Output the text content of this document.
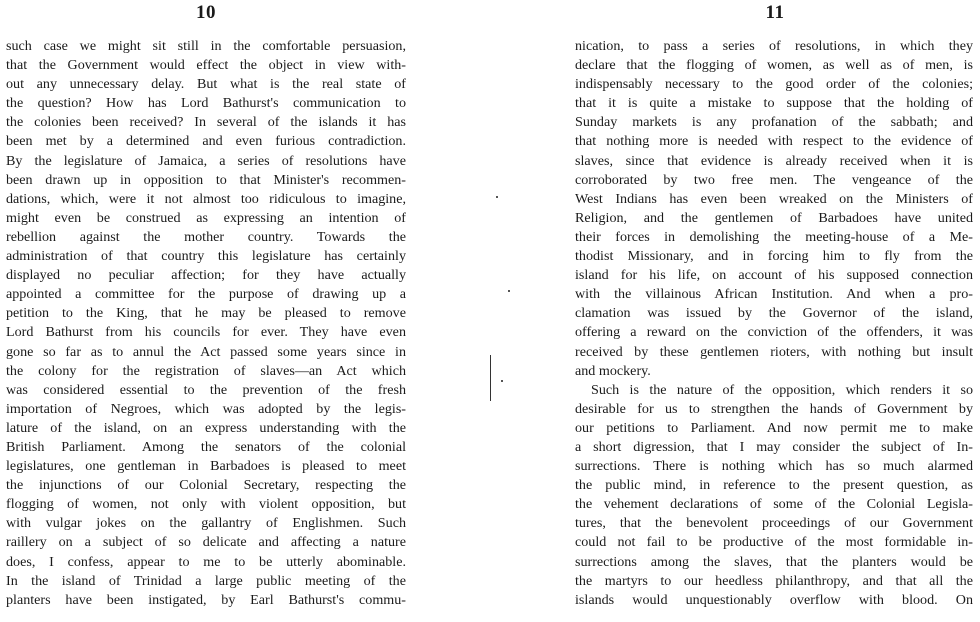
10	11
such case we might sit still in the comfortable persuasion,
that the Government would effect the object in view with-
out any unnecessary delay. But what is the real state of
the question? How has Lord Bathurst's communication to
the colonies been received? In several of the islands it has
been met by a determined and even furious contradiction.
By the legislature of Jamaica, a series of resolutions have
been drawn up in opposition to that Minister's recommen-
dations, which, were it not almost too ridiculous to imagine,
might even be construed as expressing an intention of
rebellion against the mother country. Towards the
administration of that country this legislature has certainly
displayed no peculiar affection; for they have actually
appointed a committee for the purpose of drawing up a
petition to the King, that he may be pleased to remove
Lord Bathurst from his councils for ever. They have even
gone so far as to annul the Act passed some years since in
the colony for the registration of slaves—an Act which
was considered essential to the prevention of the fresh
importation of Negroes, which was adopted by the legis-
lature of the island, on an express understanding with the
British Parliament. Among the senators of the colonial
legislatures, one gentleman in Barbadoes is pleased to meet
the injunctions of our Colonial Secretary, respecting the
flogging of women, not only with violent opposition, but
with vulgar jokes on the gallantry of Englishmen. Such
raillery on a subject of so delicate and affecting a nature
does, I confess, appear to me to be utterly abominable.
In the island of Trinidad a large public meeting of the
planters have been instigated, by Earl Bathurst's commu-
nication, to pass a series of resolutions, in which they
declare that the flogging of women, as well as of men, is
indispensably necessary to the good order of the colonies;
that it is quite a mistake to suppose that the holding of
Sunday markets is any profanation of the sabbath; and
that nothing more is needed with respect to the evidence of
slaves, since that evidence is already received when it is
corroborated by two free men. The vengeance of the
West Indians has even been wreaked on the Ministers of
Religion, and the gentlemen of Barbadoes have united
their forces in demolishing the meeting-house of a Me-
thodist Missionary, and in forcing him to fly from the
island for his life, on account of his supposed connection
with the villainous African Institution. And when a pro-
clamation was issued by the Governor of the island,
offering a reward on the conviction of the offenders, it was
received by these gentlemen rioters, with nothing but insult
and mockery.
Such is the nature of the opposition, which renders it so
desirable for us to strengthen the hands of Government by
our petitions to Parliament. And now permit me to make
a short digression, that I may consider the subject of In-
surrections. There is nothing which has so much alarmed
the public mind, in reference to the present question, as
the vehement declarations of some of the Colonial Legisla-
tures, that the benevolent proceedings of our Government
could not fail to be productive of the most formidable in-
surrections among the slaves, that the planters would be
the martyrs to our heedless philanthropy, and that all the
islands would unquestionably overflow with blood. On
